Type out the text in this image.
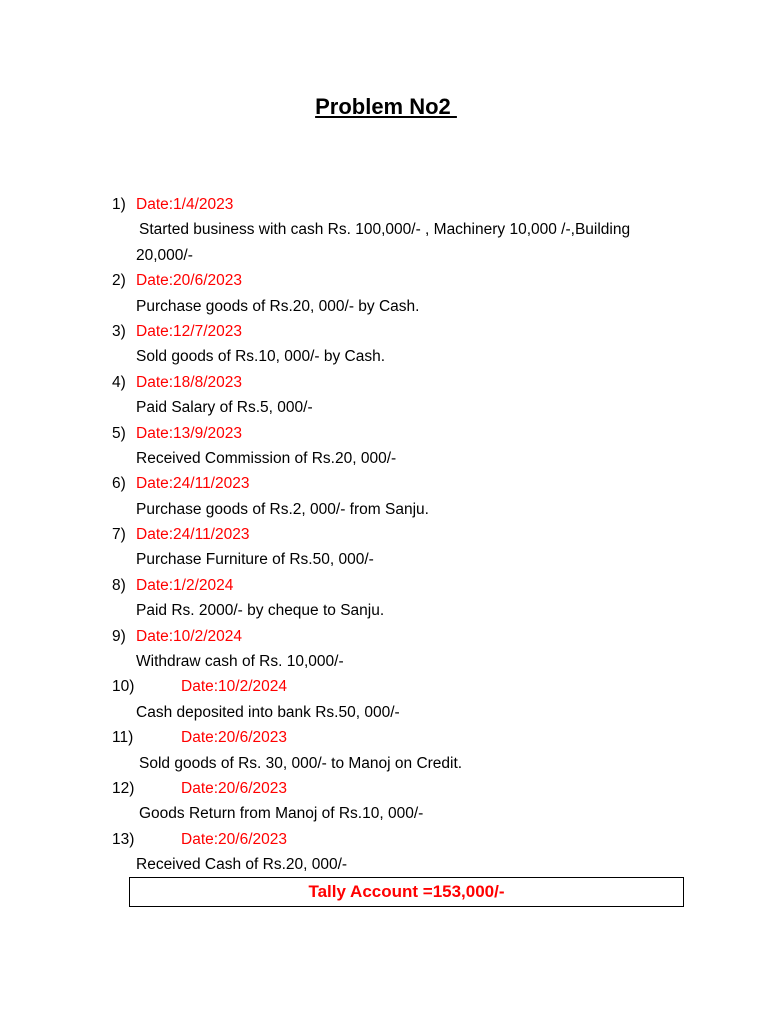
Problem No2
1) Date:1/4/2023
Started business with cash Rs. 100,000/- , Machinery 10,000 /-,Building
20,000/-
2) Date:20/6/2023
Purchase goods of Rs.20, 000/- by Cash.
3) Date:12/7/2023
Sold goods of Rs.10, 000/- by Cash.
4) Date:18/8/2023
Paid Salary of Rs.5, 000/-
5) Date:13/9/2023
Received Commission of Rs.20, 000/-
6) Date:24/11/2023
Purchase goods of Rs.2, 000/- from Sanju.
7) Date:24/11/2023
Purchase Furniture of Rs.50, 000/-
8) Date:1/2/2024
Paid Rs. 2000/- by cheque to Sanju.
9) Date:10/2/2024
Withdraw cash of Rs. 10,000/-
10)	Date:10/2/2024
Cash deposited into bank Rs.50, 000/-
11)	Date:20/6/2023
Sold goods of Rs. 30, 000/- to Manoj on Credit.
12)	Date:20/6/2023
Goods Return from Manoj of Rs.10, 000/-
13)	Date:20/6/2023
Received Cash of Rs.20, 000/-
Tally Account =153,000/-
